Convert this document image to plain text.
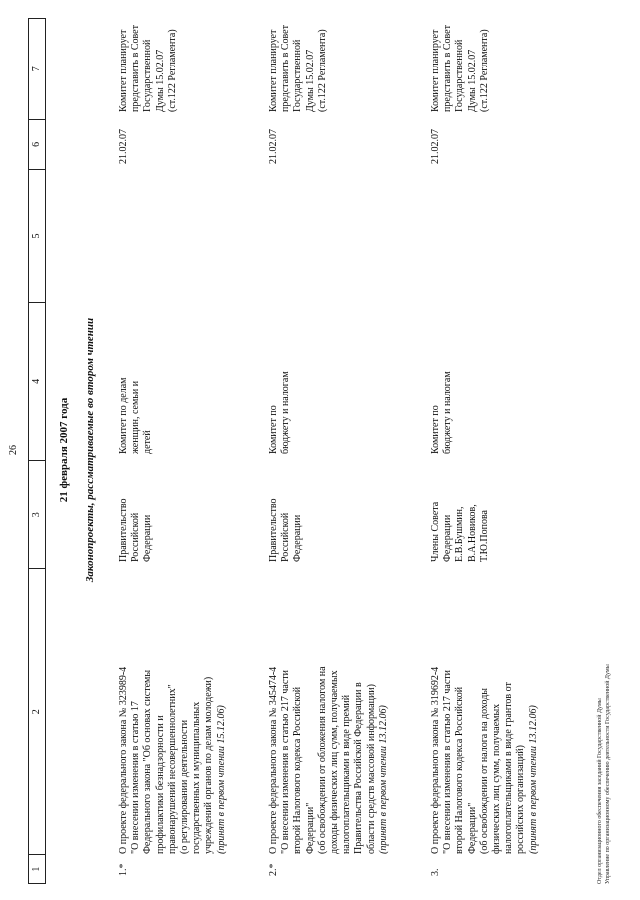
26
1
2
3
4
5
6
7
21 февраля 2007 года Законопроекты, рассматриваемые во втором чтении
1.*
О проекте федерального закона № 323989-4 "О внесении изменения в статью 17 Федерального закона "Об основах системы профилактики безнадзорности и правонарушений несовершеннолетних" (о регулировании деятельности государственных и муниципальных учреждений органов по делам молодежи) (принят в первом чтении 15.12.06)
Правительство Российской Федерации
Комитет по делам женщин, семьи и детей
21.02.07
Комитет планирует представить в Совет Государственной Думы 15.02.07 (ст.122 Регламента)
2.*
О проекте федерального закона № 345474-4 "О внесении изменения в статью 217 части второй Налогового кодекса Российской Федерации" (об освобождении от обложения налогом на доходы физических лиц сумм, получаемых налогоплательщиками в виде премий Правительства Российской Федерации в области средств массовой информации) (принят в первом чтении 13.12.06)
Правительство Российской Федерации
Комитет по бюджету и налогам
21.02.07
Комитет планирует представить в Совет Государственной Думы 15.02.07 (ст.122 Регламента)
3.
О проекте федерального закона № 319692-4 "О внесении изменения в статью 217 части второй Налогового кодекса Российской Федерации" (об освобождении от налога на доходы физических лиц сумм, получаемых налогоплательщиками в виде грантов от российских организаций) (принят в первом чтении 13.12.06)
Члены Совета Федерации Е.В.Бушмин, В.А.Новиков, Т.Ю.Попова
Комитет по бюджету и налогам
21.02.07
Комитет планирует представить в Совет Государственной Думы 15.02.07 (ст.122 Регламента)
Отдел организационного обеспечения заседаний Государственной Думы Управление по организационному обеспечению деятельности Государственной Думы
